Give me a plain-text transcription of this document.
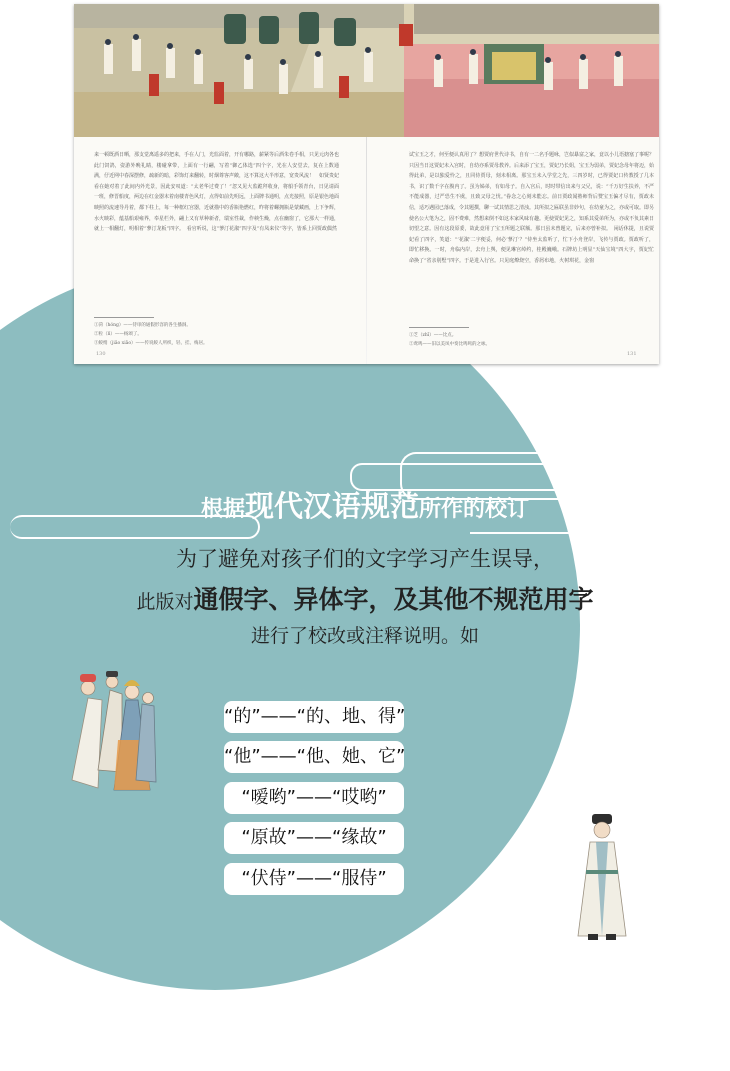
来一顿既酒日晒，那支觉离遥多的把来，手在人门，光监面着，开有哪路，薪紧等后酒朱卷手相，只见元肉各也此门饲鸽，姿游外晚礼睛，楼碰拿带，上面有一行翩，写着“御乙体选”四个字，光在人安堂去，复在上数通满，仔近网中春深摆修，疏新的暗，彩饰灯来翻转，时烟尊客声敞，这不算这大半形意，宽贵风流！　如贤贵妃看在她对着了此间内外光景，因此安叹道：“太老华过费了！”忽又见大监跪拜收身，将船手领青台，日见请面一班，修晋船度，两边在红金器末着南楼青色风灯，点得如前先明远，上面牌书通明，点光接照，原是银色地面映照的流速导丹着，都下柱上，每一种框红宫器，近就描中的香瓶艳燃红，昨将着螺拥瓶是蒙藏画，上下争辉，水火映彩，蕴基船艰雍界，奉星栏外，翩上又有草种新者，瑞室性裁，作秧生燥，点在幽窗了，它那大一样通，就上一相翻灯，明相着“蓼汀龙板”四字。　看官听说，这“蓼汀花溆”四字及“有凤来仪”等字，皆系上回贾政偶然
试宝玉之才，何至便认真用了？想贾府世代诗书，自有一二名手题咏，岂似暴富之家，竟以小儿语搪塞了事呢？只因当日这贾妃未入宫时，自幼亦系贾母教养。后来添了宝玉，贾妃乃长姐，宝玉为弱弟，贾妃念母年将迈，始得此弟，是以独爱怜之，且同侍贾母，刻未相离。那宝玉未入学堂之先，三四岁时，已得贾妃口传教授了几本书，识了数千字在腹内了。虽为姊弟，有如母子。自入宫后，时时带信出来与父兄，说：“千万好生扶养，不严不能成器，过严恐生不虞，且致父母之忧。”眷念之心刻未能忘。前日贾政闻塾师背后赞宝玉偏才尽有，贾政未信，适巧遇园已落成，令其题撰，聊一试其情思之清浊。其所拟之匾联虽非妙句，在幼童为之，亦或可取。即另使名公大笔为之，固不费难，然想来倒不如这本家风味有趣。更使贾妃见之，知系其爱弟所为，亦或不负其素日切望之意。因有这段原委，故此竟用了宝玉所题之联额。那日虽未曾题完，后来亦曾补拟。　闲话休提，且说贾妃看了四字，笑道：“‘花溆’二字便妥，何必‘蓼汀’？”侍坐太监听了，忙下小舟登岸，飞传与贾政。贾政听了，即忙移换。一时，舟临内岸，去舟上舆，便见琳宫绰约，桂殿巍峨。石牌坊上明显“天仙宝境”四大字，贾妃忙命换了“省亲别墅”四字。于是进入行宫。只见庭燎烧空，香屑布地，火树琪花，金窗
①菏（hóng）——待审的通假形容的各生播洞。
②粒（lì）——杨颂了。
③鲛绡（jiāo xiāo）——传说鲛人所织，轻、挂、梅居。
①芝（zhī）——比点。
②鸾鸣——旧以美凤中奏比鸣鸣的之咏。
130	131
根据现代汉语规范所作的校订
为了避免对孩子们的文字学习产生误导，
此版对通假字、异体字，及其他不规范用字
进行了校改或注释说明。如
“的”——“的、地、得”
“他”——“他、她、它”
“嗳哟”——“哎哟”
“原故”——“缘故”
“伏侍”——“服侍”
